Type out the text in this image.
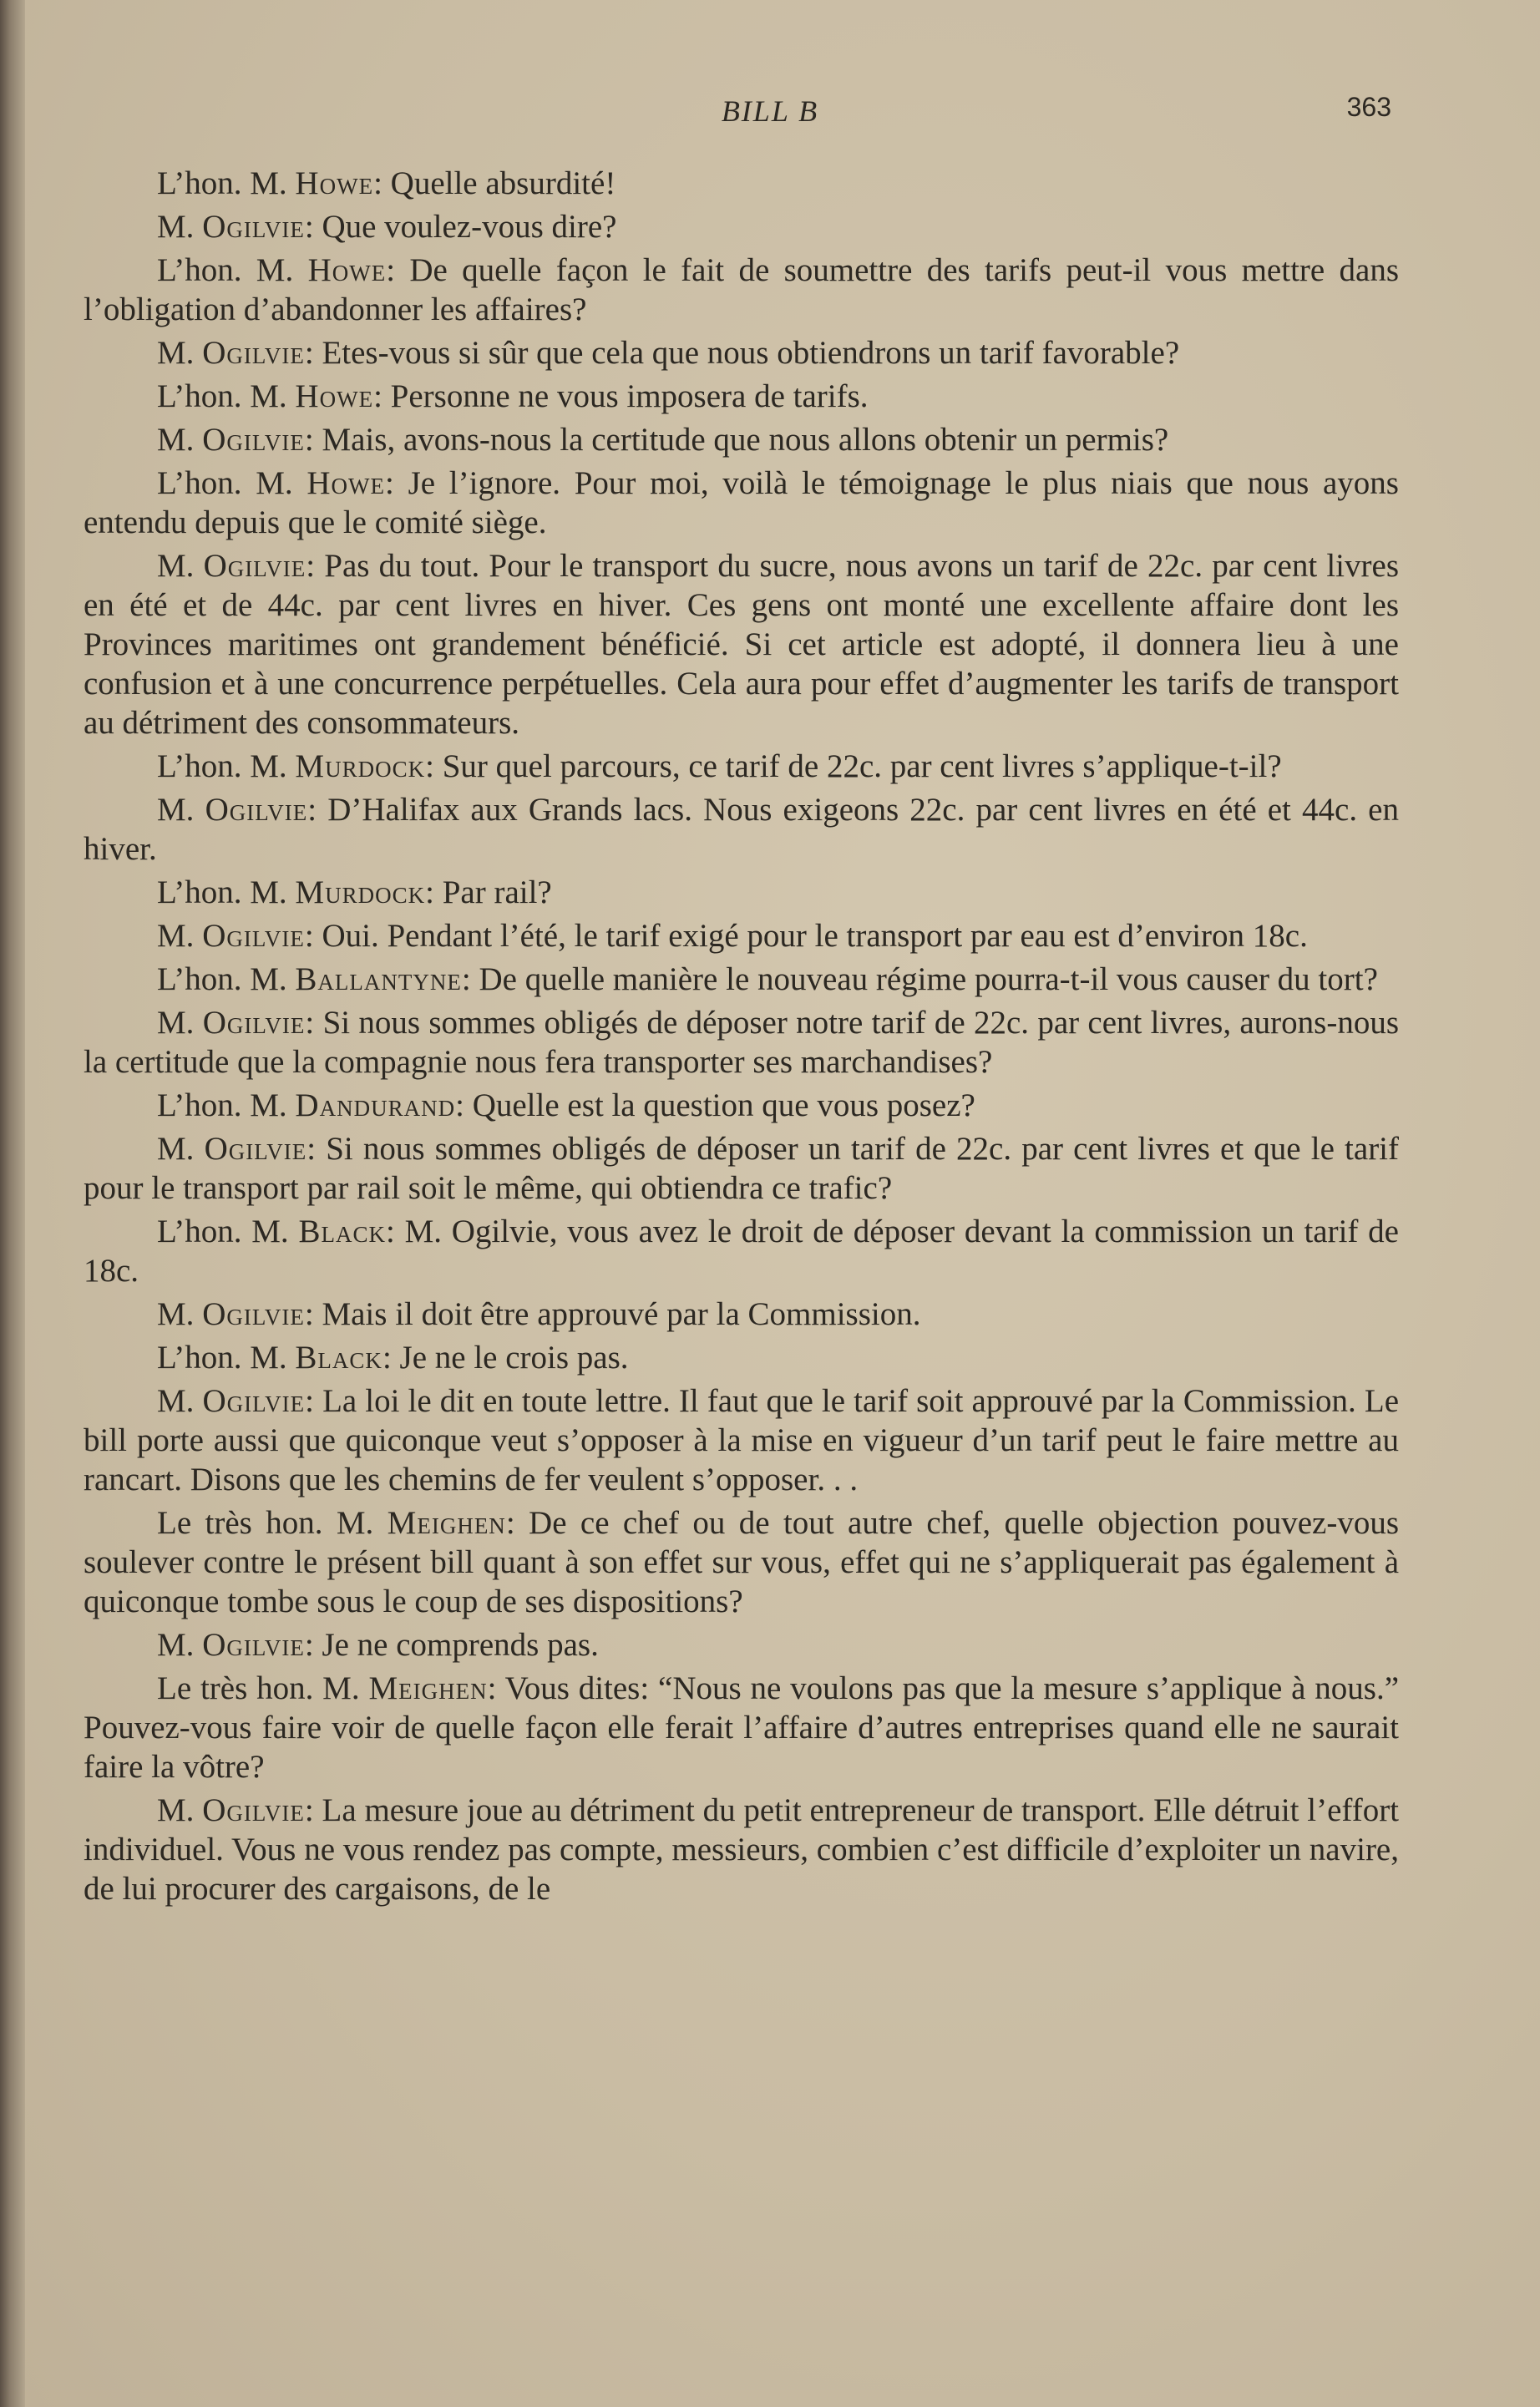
BILL B	363

L’hon. M. Howe: Quelle absurdité!

M. Ogilvie: Que voulez-vous dire?

L’hon. M. Howe: De quelle façon le fait de soumettre des tarifs peut-il vous mettre dans l’obligation d’abandonner les affaires?

M. Ogilvie: Etes-vous si sûr que cela que nous obtiendrons un tarif favorable?

L’hon. M. Howe: Personne ne vous imposera de tarifs.

M. Ogilvie: Mais, avons-nous la certitude que nous allons obtenir un permis?

L’hon. M. Howe: Je l’ignore. Pour moi, voilà le témoignage le plus niais que nous ayons entendu depuis que le comité siège.

M. Ogilvie: Pas du tout. Pour le transport du sucre, nous avons un tarif de 22c. par cent livres en été et de 44c. par cent livres en hiver. Ces gens ont monté une excellente affaire dont les Provinces maritimes ont grandement bénéficié. Si cet article est adopté, il donnera lieu à une confusion et à une concurrence perpétuelles. Cela aura pour effet d’augmenter les tarifs de transport au détriment des consommateurs.

L’hon. M. Murdock: Sur quel parcours, ce tarif de 22c. par cent livres s’applique-t-il?

M. Ogilvie: D’Halifax aux Grands lacs. Nous exigeons 22c. par cent livres en été et 44c. en hiver.

L’hon. M. Murdock: Par rail?

M. Ogilvie: Oui. Pendant l’été, le tarif exigé pour le transport par eau est d’environ 18c.

L’hon. M. Ballantyne: De quelle manière le nouveau régime pourra-t-il vous causer du tort?

M. Ogilvie: Si nous sommes obligés de déposer notre tarif de 22c. par cent livres, aurons-nous la certitude que la compagnie nous fera transporter ses marchandises?

L’hon. M. Dandurand: Quelle est la question que vous posez?

M. Ogilvie: Si nous sommes obligés de déposer un tarif de 22c. par cent livres et que le tarif pour le transport par rail soit le même, qui obtiendra ce trafic?

L’hon. M. Black: M. Ogilvie, vous avez le droit de déposer devant la commission un tarif de 18c.

M. Ogilvie: Mais il doit être approuvé par la Commission.

L’hon. M. Black: Je ne le crois pas.

M. Ogilvie: La loi le dit en toute lettre. Il faut que le tarif soit approuvé par la Commission. Le bill porte aussi que quiconque veut s’opposer à la mise en vigueur d’un tarif peut le faire mettre au rancart. Disons que les chemins de fer veulent s’opposer. . .

Le très hon. M. Meighen: De ce chef ou de tout autre chef, quelle objection pouvez-vous soulever contre le présent bill quant à son effet sur vous, effet qui ne s’appliquerait pas également à quiconque tombe sous le coup de ses dispositions?

M. Ogilvie: Je ne comprends pas.

Le très hon. M. Meighen: Vous dites: “Nous ne voulons pas que la mesure s’applique à nous.” Pouvez-vous faire voir de quelle façon elle ferait l’affaire d’autres entreprises quand elle ne saurait faire la vôtre?

M. Ogilvie: La mesure joue au détriment du petit entrepreneur de transport. Elle détruit l’effort individuel. Vous ne vous rendez pas compte, messieurs, combien c’est difficile d’exploiter un navire, de lui procurer des cargaisons, de le
